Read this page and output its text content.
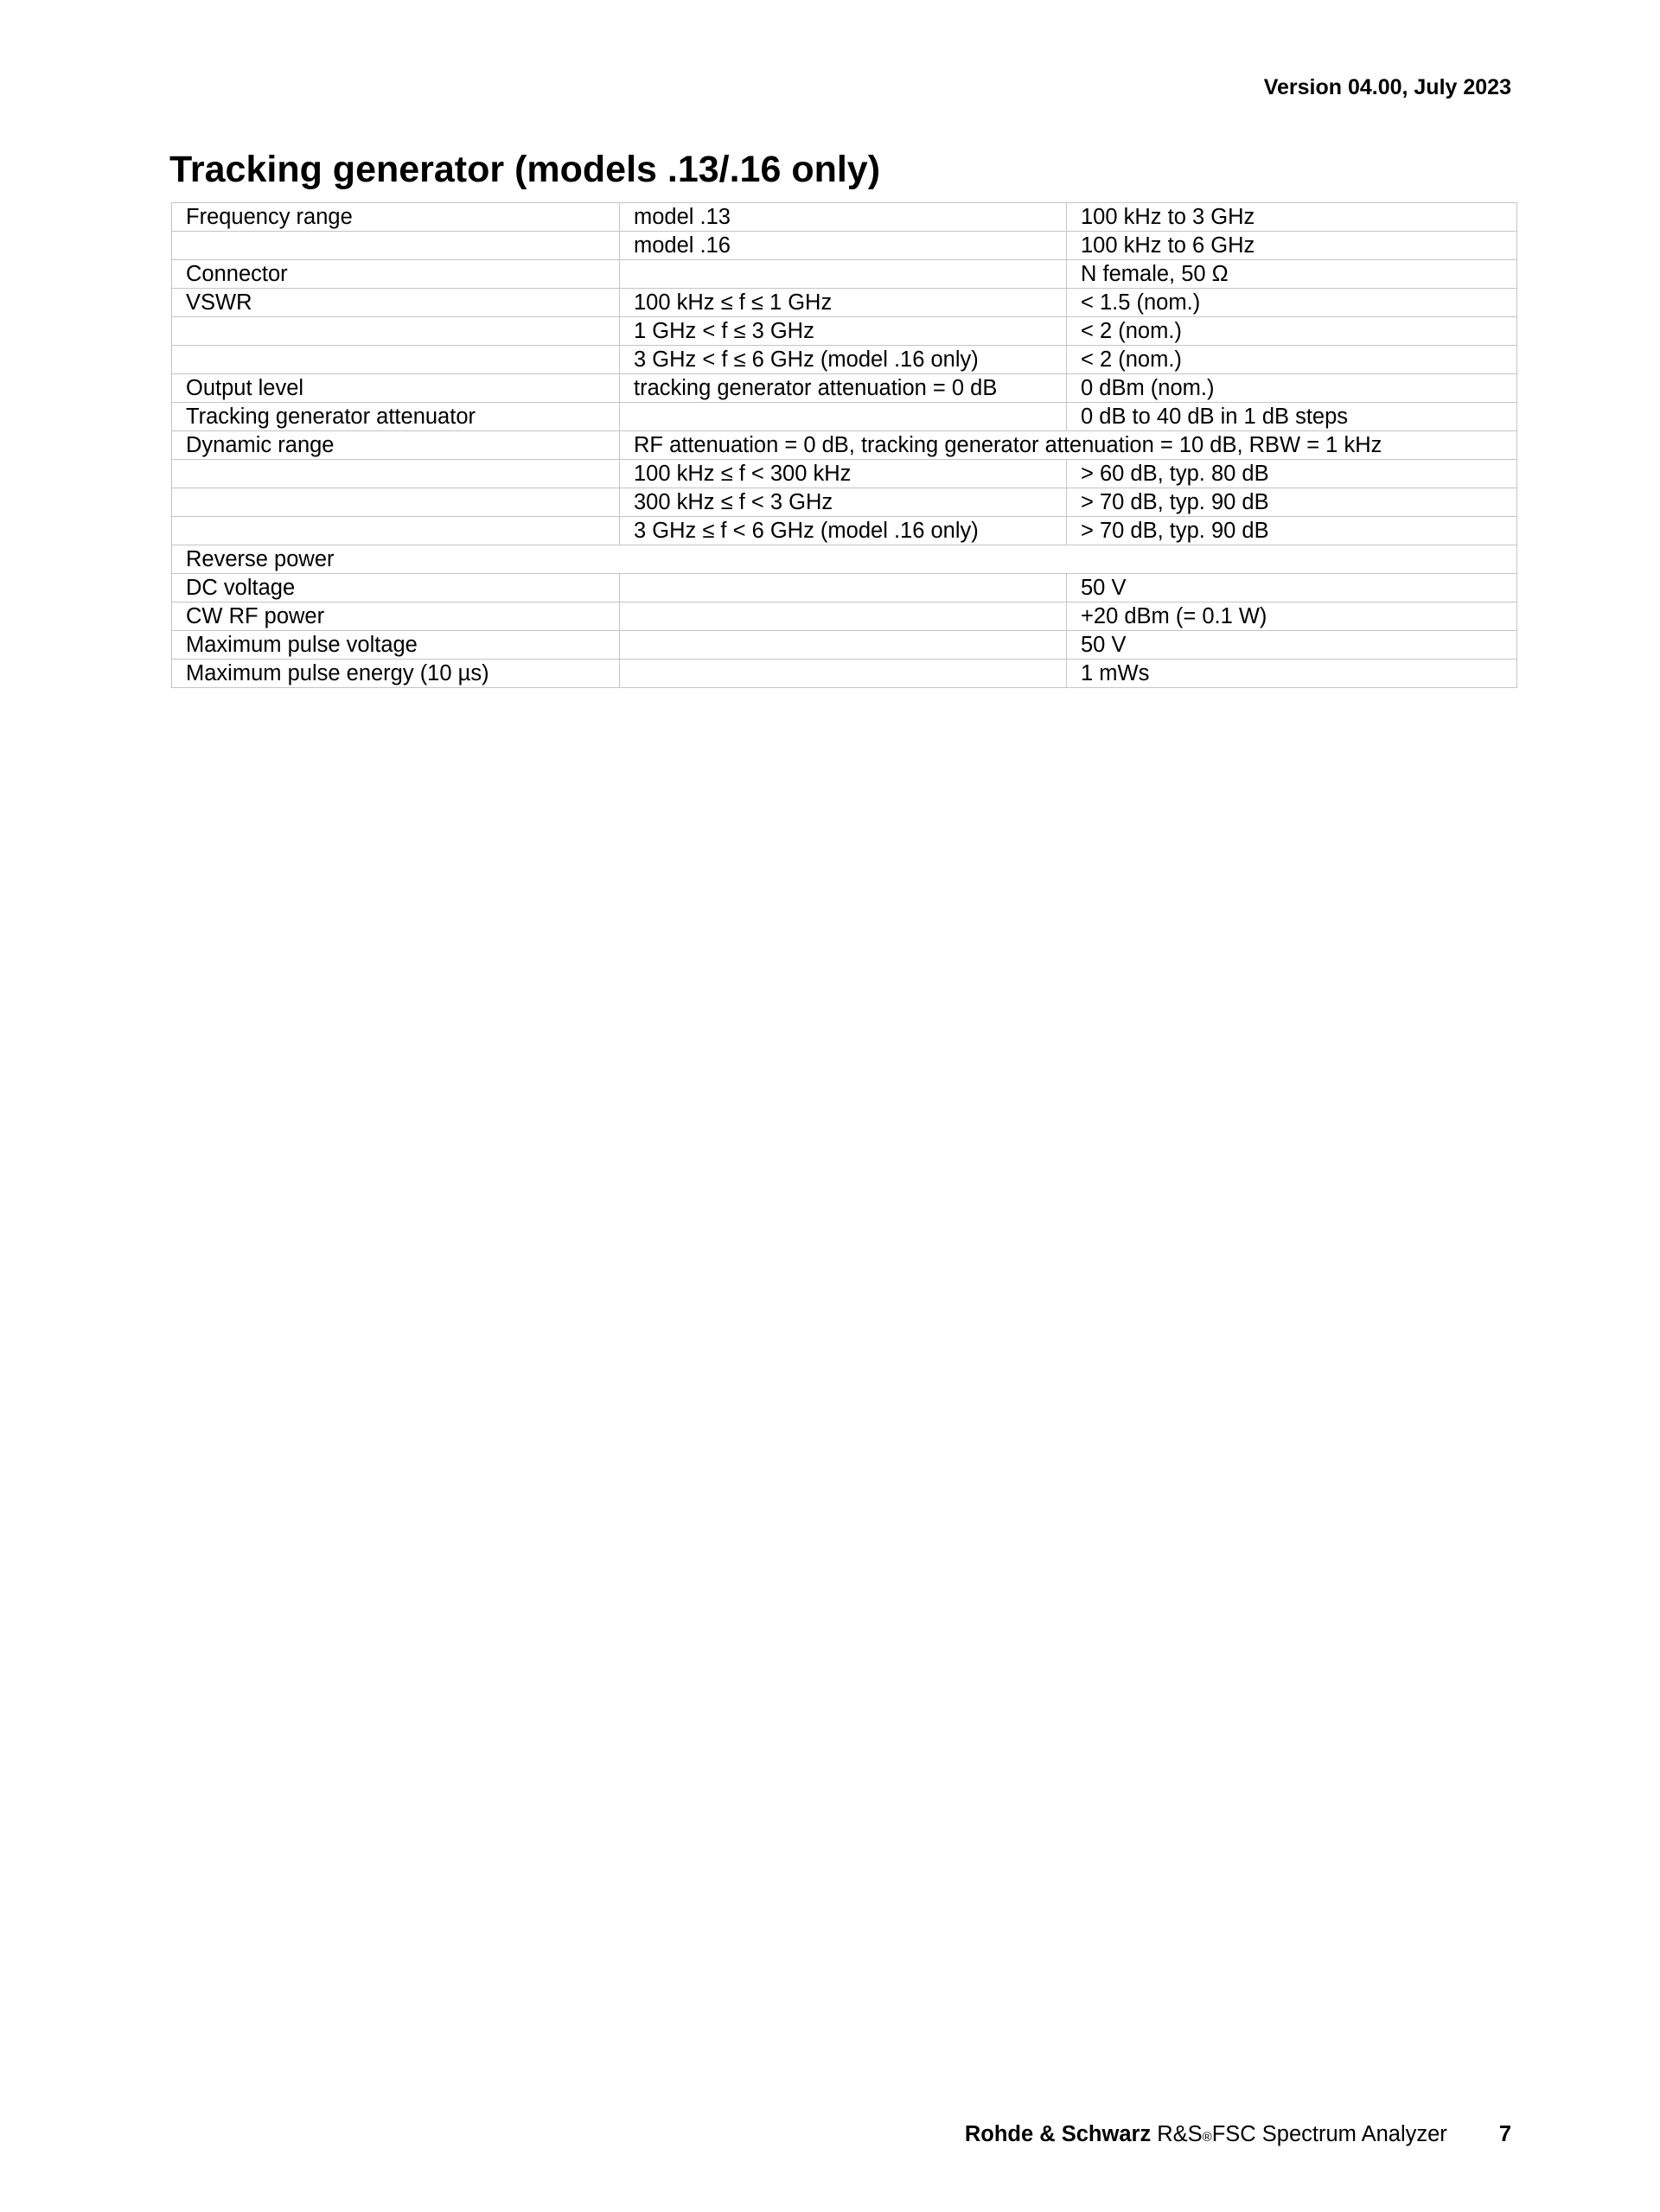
Version 04.00, July 2023
Tracking generator (models .13/.16 only)
Frequency range	model .13	100 kHz to 3 GHz
	model .16	100 kHz to 6 GHz
Connector		N female, 50 Ω
VSWR	100 kHz ≤ f ≤ 1 GHz	< 1.5 (nom.)
	1 GHz < f ≤ 3 GHz	< 2 (nom.)
	3 GHz < f ≤ 6 GHz (model .16 only)	< 2 (nom.)
Output level	tracking generator attenuation = 0 dB	0 dBm (nom.)
Tracking generator attenuator		0 dB to 40 dB in 1 dB steps
Dynamic range	RF attenuation = 0 dB, tracking generator attenuation = 10 dB, RBW = 1 kHz	
	100 kHz ≤ f < 300 kHz	> 60 dB, typ. 80 dB
	300 kHz ≤ f < 3 GHz	> 70 dB, typ. 90 dB
	3 GHz ≤ f < 6 GHz (model .16 only)	> 70 dB, typ. 90 dB
Reverse power		
DC voltage		50 V
CW RF power		+20 dBm (= 0.1 W)
Maximum pulse voltage		50 V
Maximum pulse energy (10 µs)		1 mWs
Rohde & Schwarz R&S ® FSC Spectrum Analyzer 7
